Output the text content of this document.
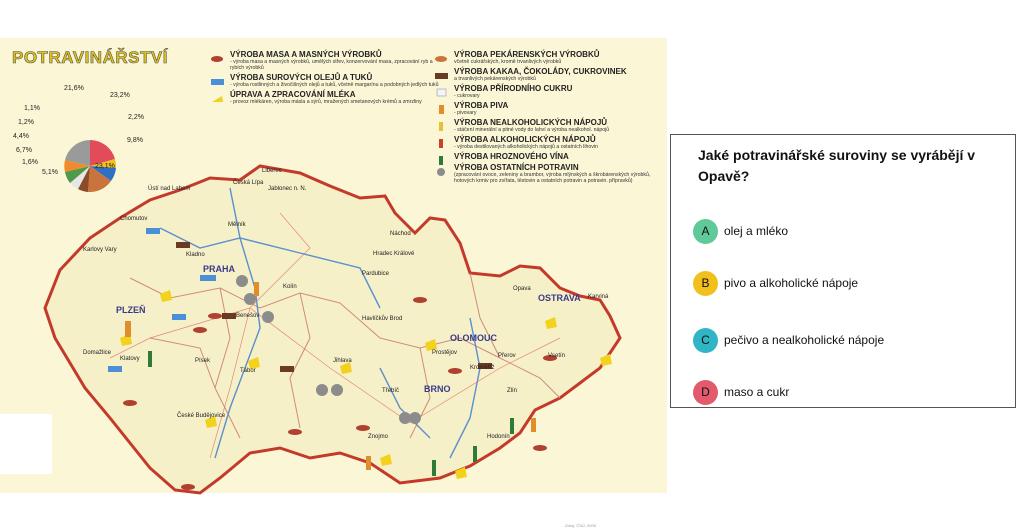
POTRAVINÁŘSTVÍ
21,6%
23,2%
1,1%
2,2%
1,2%
9,8%
4,4%
6,7%
1,6%
5,1%
23,1%
VÝROBA MASA A MASNÝCH VÝROBKŮ
- výroba masa a masných výrobků, umělých střev, konzervování masa, zpracování ryb a rybích výrobků
VÝROBA SUROVÝCH OLEJŮ A TUKŮ
- výroba rostlinných a živočišných olejů a tuků, včetně margarínu a podobných jedlých tuků
ÚPRAVA A ZPRACOVÁNÍ MLÉKA
- provoz mlékáren, výroba másla a sýrů, mražených smetanových krémů a zmrzliny
VÝROBA PEKÁRENSKÝCH VÝROBKŮ
včetně cukrářských, kromě trvanlivých výrobků
VÝROBA KAKAA, ČOKOLÁDY, CUKROVINEK
a trvanlivých pekárenských výrobků
VÝROBA PŘÍRODNÍHO CUKRU
- cukrovary
VÝROBA PIVA
- pivovary
VÝROBA NEALKOHOLICKÝCH NÁPOJŮ
- stáčení minerální a pitné vody do lahví a výroba nealkohol. nápojů
VÝROBA ALKOHOLICKÝCH NÁPOJŮ
- výroba destilovaných alkoholických nápojů a ostatních lihovin
VÝROBA HROZNOVÉHO VÍNA
VÝROBA OSTATNÍCH POTRAVIN
(zpracování ovoce, zeleniny a brambor, výroba mlýnských a škrobárenských výrobků, hotových krmiv pro zvířata, těstovin a ostatních potravin a potravin. přípravků)
PRAHA
PLZEŇ
BRNO
OSTRAVA
OLOMOUC
Liberec
Ústí nad Labem
Chomutov
Karlovy Vary
Kladno
Jihlava
Hradec Králové
Pardubice
Opava
Zlín
České Budějovice
Tábor
Kolín
Domažlice	Prostějov
Karviná
Přerov
Hodonín
Znojmo
Třebíč
Písek
Klatovy
Mělník
Česká Lípa
Jablonec n. N.
Havlíčkův Brod
Vsetín
Kroměříž
Náchod
Benešov
Zdroj: ČSÚ, 2005
Jaké potravinářské suroviny se vyrábějí v Opavě?
A	olej a mléko
B	pivo a alkoholické nápoje
C	pečivo a nealkoholické nápoje
D	maso a cukr
